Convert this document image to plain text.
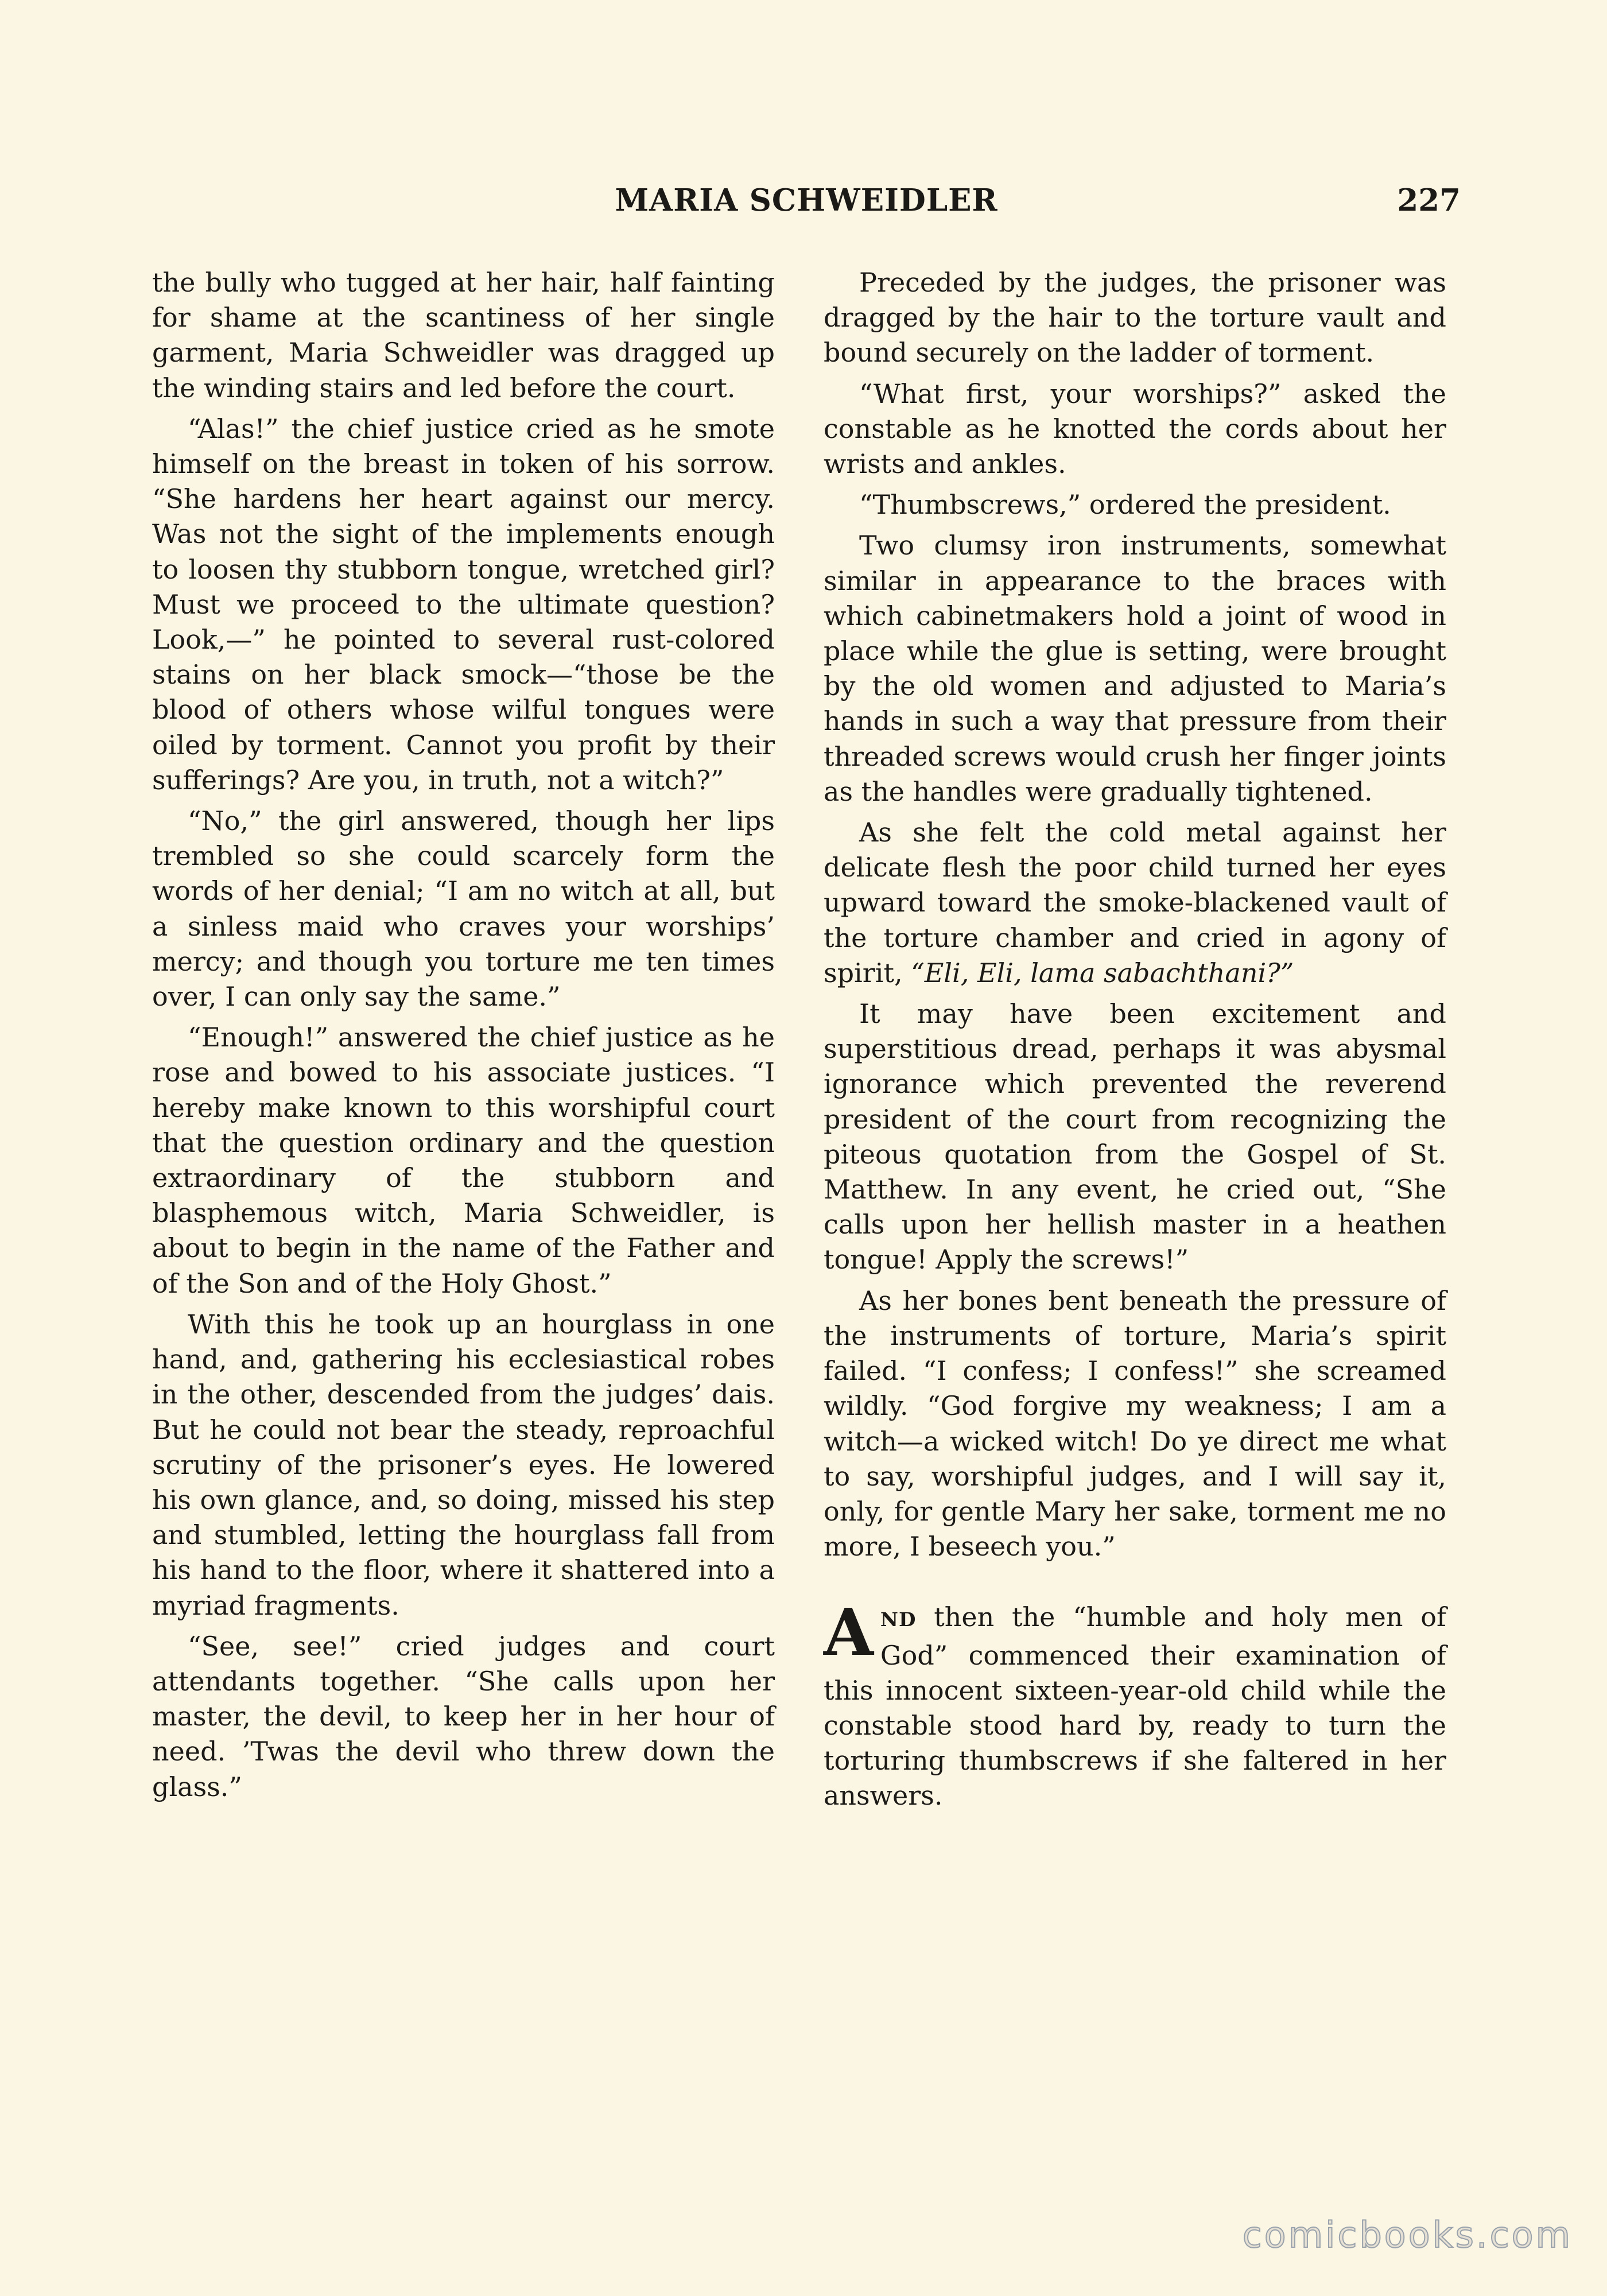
MARIA SCHWEIDLER	227

the bully who tugged at her hair, half fainting for shame at the scantiness of her single garment, Maria Schweidler was dragged up the winding stairs and led before the court.

“Alas!” the chief justice cried as he smote himself on the breast in token of his sorrow. “She hardens her heart against our mercy. Was not the sight of the implements enough to loosen thy stubborn tongue, wretched girl? Must we proceed to the ultimate question? Look,—” he pointed to several rust-colored stains on her black smock—“those be the blood of others whose wilful tongues were oiled by torment. Cannot you profit by their sufferings? Are you, in truth, not a witch?”

“No,” the girl answered, though her lips trembled so she could scarcely form the words of her denial; “I am no witch at all, but a sinless maid who craves your worships’ mercy; and though you torture me ten times over, I can only say the same.”

“Enough!” answered the chief justice as he rose and bowed to his associate justices. “I hereby make known to this worshipful court that the question ordinary and the question extraordinary of the stubborn and blasphemous witch, Maria Schweidler, is about to begin in the name of the Father and of the Son and of the Holy Ghost.”

With this he took up an hourglass in one hand, and, gathering his ecclesiastical robes in the other, descended from the judges’ dais. But he could not bear the steady, reproachful scrutiny of the prisoner’s eyes. He lowered his own glance, and, so doing, missed his step and stumbled, letting the hourglass fall from his hand to the floor, where it shattered into a myriad fragments.

“See, see!” cried judges and court attendants together. “She calls upon her master, the devil, to keep her in her hour of need. ’Twas the devil who threw down the glass.”

Preceded by the judges, the prisoner was dragged by the hair to the torture vault and bound securely on the ladder of torment.

“What first, your worships?” asked the constable as he knotted the cords about her wrists and ankles.

“Thumbscrews,” ordered the president.

Two clumsy iron instruments, somewhat similar in appearance to the braces with which cabinetmakers hold a joint of wood in place while the glue is setting, were brought by the old women and adjusted to Maria’s hands in such a way that pressure from their threaded screws would crush her finger joints as the handles were gradually tightened.

As she felt the cold metal against her delicate flesh the poor child turned her eyes upward toward the smoke-blackened vault of the torture chamber and cried in agony of spirit, “Eli, Eli, lama sabachthani?”

It may have been excitement and superstitious dread, perhaps it was abysmal ignorance which prevented the reverend president of the court from recognizing the piteous quotation from the Gospel of St. Matthew. In any event, he cried out, “She calls upon her hellish master in a heathen tongue! Apply the screws!”

As her bones bent beneath the pressure of the instruments of torture, Maria’s spirit failed. “I confess; I confess!” she screamed wildly. “God forgive my weakness; I am a witch—a wicked witch! Do ye direct me what to say, worshipful judges, and I will say it, only, for gentle Mary her sake, torment me no more, I beseech you.”

AND then the “humble and holy men of God” commenced their examination of this innocent sixteen-year-old child while the constable stood hard by, ready to turn the torturing thumbscrews if she faltered in her answers.

comicbooks.com
